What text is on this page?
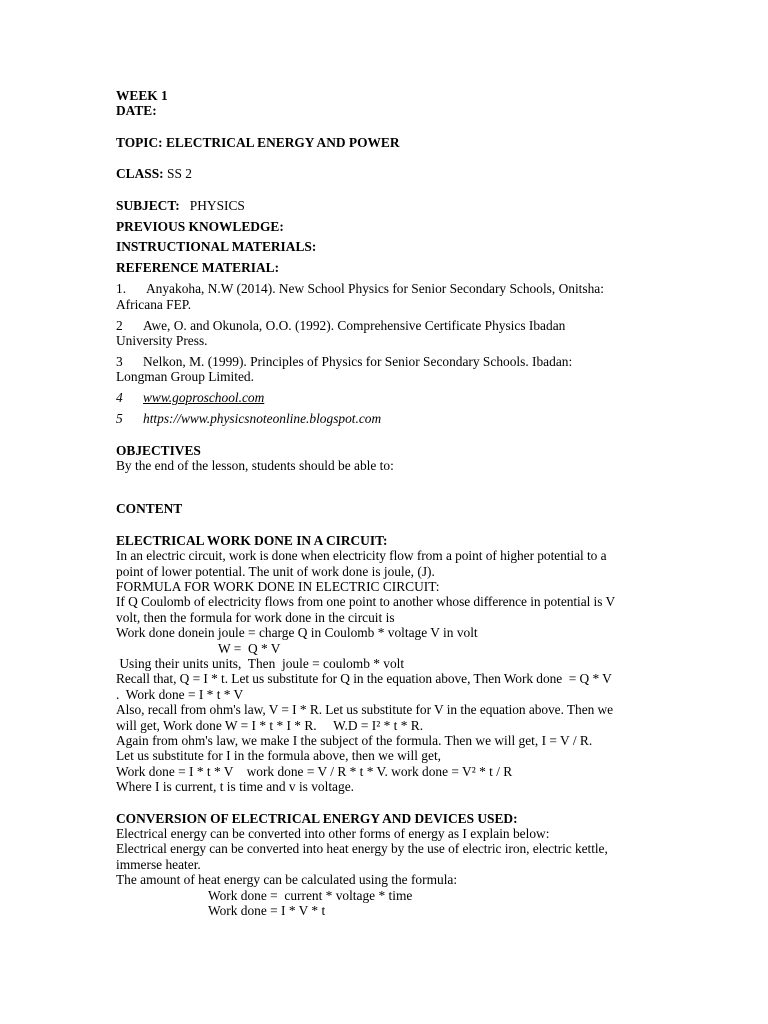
WEEK 1
DATE:
TOPIC: ELECTRICAL ENERGY AND POWER
CLASS: SS 2
SUBJECT: PHYSICS
PREVIOUS KNOWLEDGE:
INSTRUCTIONAL MATERIALS:
REFERENCE MATERIAL:
1. Anyakoha, N.W (2014). New School Physics for Senior Secondary Schools, Onitsha:
Africana FEP.
2 Awe, O. and Okunola, O.O. (1992). Comprehensive Certificate Physics Ibadan
University Press.
3 Nelkon, M. (1999). Principles of Physics for Senior Secondary Schools. Ibadan:
Longman Group Limited.
4 www.goproschool.com
5 https://www.physicsnoteonline.blogspot.com
OBJECTIVES
By the end of the lesson, students should be able to:
CONTENT
ELECTRICAL WORK DONE IN A CIRCUIT:
In an electric circuit, work is done when electricity flow from a point of higher potential to a
point of lower potential. The unit of work done is joule, (J).
FORMULA FOR WORK DONE IN ELECTRIC CIRCUIT:
If Q Coulomb of electricity flows from one point to another whose difference in potential is V
volt, then the formula for work done in the circuit is
Work done donein joule = charge Q in Coulomb * voltage V in volt
W =  Q * V
Using their units units,  Then  joule = coulomb * volt
Recall that, Q = I * t. Let us substitute for Q in the equation above, Then Work done  = Q * V
.  Work done = I * t * V
Also, recall from ohm's law, V = I * R. Let us substitute for V in the equation above. Then we
will get, Work done W = I * t * I * R.     W.D = I² * t * R.
Again from ohm's law, we make I the subject of the formula. Then we will get, I = V / R.
Let us substitute for I in the formula above, then we will get,
Work done = I * t * V    work done = V / R * t * V. work done = V² * t / R
Where I is current, t is time and v is voltage.
CONVERSION OF ELECTRICAL ENERGY AND DEVICES USED:
Electrical energy can be converted into other forms of energy as I explain below:
Electrical energy can be converted into heat energy by the use of electric iron, electric kettle,
immerse heater.
The amount of heat energy can be calculated using the formula:
Work done =  current * voltage * time
Work done = I * V * t
